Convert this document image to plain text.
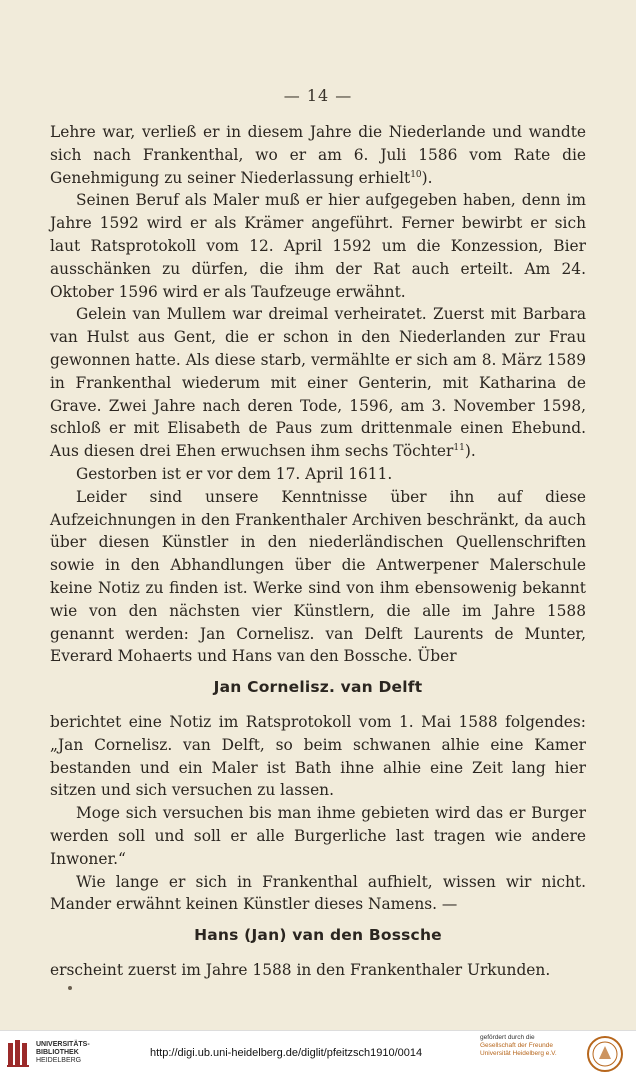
— 14 —

Lehre war, verließ er in diesem Jahre die Niederlande und wandte sich nach Frankenthal, wo er am 6. Juli 1586 vom Rate die Genehmigung zu seiner Niederlassung erhielt$^{10}$).

Seinen Beruf als Maler muß er hier aufgegeben haben, denn im Jahre 1592 wird er als Krämer angeführt. Ferner bewirbt er sich laut Ratsprotokoll vom 12. April 1592 um die Konzession, Bier ausschänken zu dürfen, die ihm der Rat auch erteilt. Am 24. Oktober 1596 wird er als Taufzeuge erwähnt.

Gelein van Mullem war dreimal verheiratet. Zuerst mit Barbara van Hulst aus Gent, die er schon in den Niederlanden zur Frau gewonnen hatte. Als diese starb, vermählte er sich am 8. März 1589 in Frankenthal wiederum mit einer Genterin, mit Katharina de Grave. Zwei Jahre nach deren Tode, 1596, am 3. November 1598, schloß er mit Elisabeth de Paus zum drittenmale einen Ehebund. Aus diesen drei Ehen erwuchsen ihm sechs Töchter$^{11}$).

Gestorben ist er vor dem 17. April 1611.

Leider sind unsere Kenntnisse über ihn auf diese Aufzeichnungen in den Frankenthaler Archiven beschränkt, da auch über diesen Künstler in den niederländischen Quellenschriften sowie in den Abhandlungen über die Antwerpener Malerschule keine Notiz zu finden ist. Werke sind von ihm ebensowenig bekannt wie von den nächsten vier Künstlern, die alle im Jahre 1588 genannt werden: Jan Cornelisz. van Delft Laurents de Munter, Everard Mohaerts und Hans van den Bossche. Über

Jan Cornelisz. van Delft

berichtet eine Notiz im Ratsprotokoll vom 1. Mai 1588 folgendes: „Jan Cornelisz. van Delft, so beim schwanen alhie eine Kamer bestanden und ein Maler ist Bath ihne alhie eine Zeit lang hier sitzen und sich versuchen zu lassen.

Moge sich versuchen bis man ihme gebieten wird das er Burger werden soll und soll er alle Burgerliche last tragen wie andere Inwoner.“

Wie lange er sich in Frankenthal aufhielt, wissen wir nicht. Mander erwähnt keinen Künstler dieses Namens. —

Hans (Jan) van den Bossche

erscheint zuerst im Jahre 1588 in den Frankenthaler Urkunden.

UNIVERSITÄTS-
BIBLIOTHEK
HEIDELBERG
http://digi.ub.uni-heidelberg.de/diglit/pfeitzsch1910/0014
gefördert durch die
Gesellschaft der Freunde
Universität Heidelberg e.V.
